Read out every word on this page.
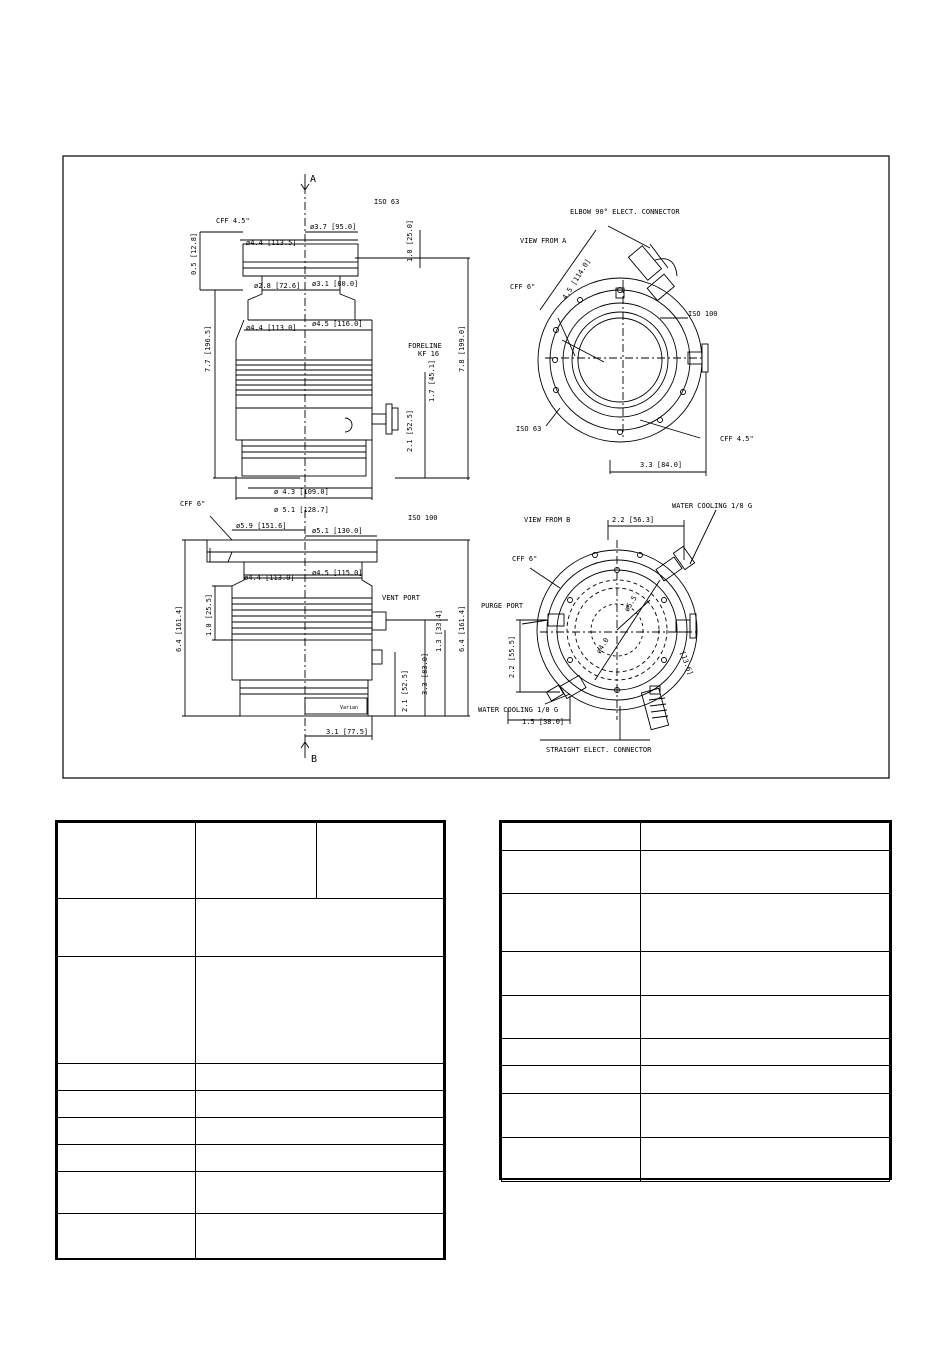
A
B
ISO 63
CFF 4.5"
ø3.7 [95.0]
ø4.4 [113.5]
0.5 [12.8]	1.0 [25.0]
ø2.8 [72.6] ø3.1 [80.0]
ø4.4 [113.0] ø4.5 [116.0]
FORELINE
KF 16
7.7 [196.5]	7.8 [199.0]
1.7 [45.1]
2.1 [52.5]
ø 4.3 [109.0]
ø 5.1 [128.7]
CFF 6"
ø5.9 [151.6]
ø5.1 [130.0]
ISO 100
ø4.4 [113.0]
ø4.5 [115.0]
VENT PORT
6.4 [161.4]	1.0 [25.5]	1.3 [33.4] 6.4 [161.4]
3.3 [83.0]
2.1 [52.5]
3.1 [77.5]
ELBOW 90° ELECT. CONNECTOR
VIEW FROM A
4.5 [114.0]
CFF 6"
ISO 100
ISO 63
CFF 4.5"
3.3 [84.0]
VIEW FROM B	2.2 [56.3]
WATER COOLING 1/8 G
CFF 6"
PURGE PORT
ø4.0
ø5.5
2.2 [55.5]	[13.6]
WATER COOLING 1/8 G
1.5 [38.0]
STRAIGHT ELECT. CONNECTOR
Varian
